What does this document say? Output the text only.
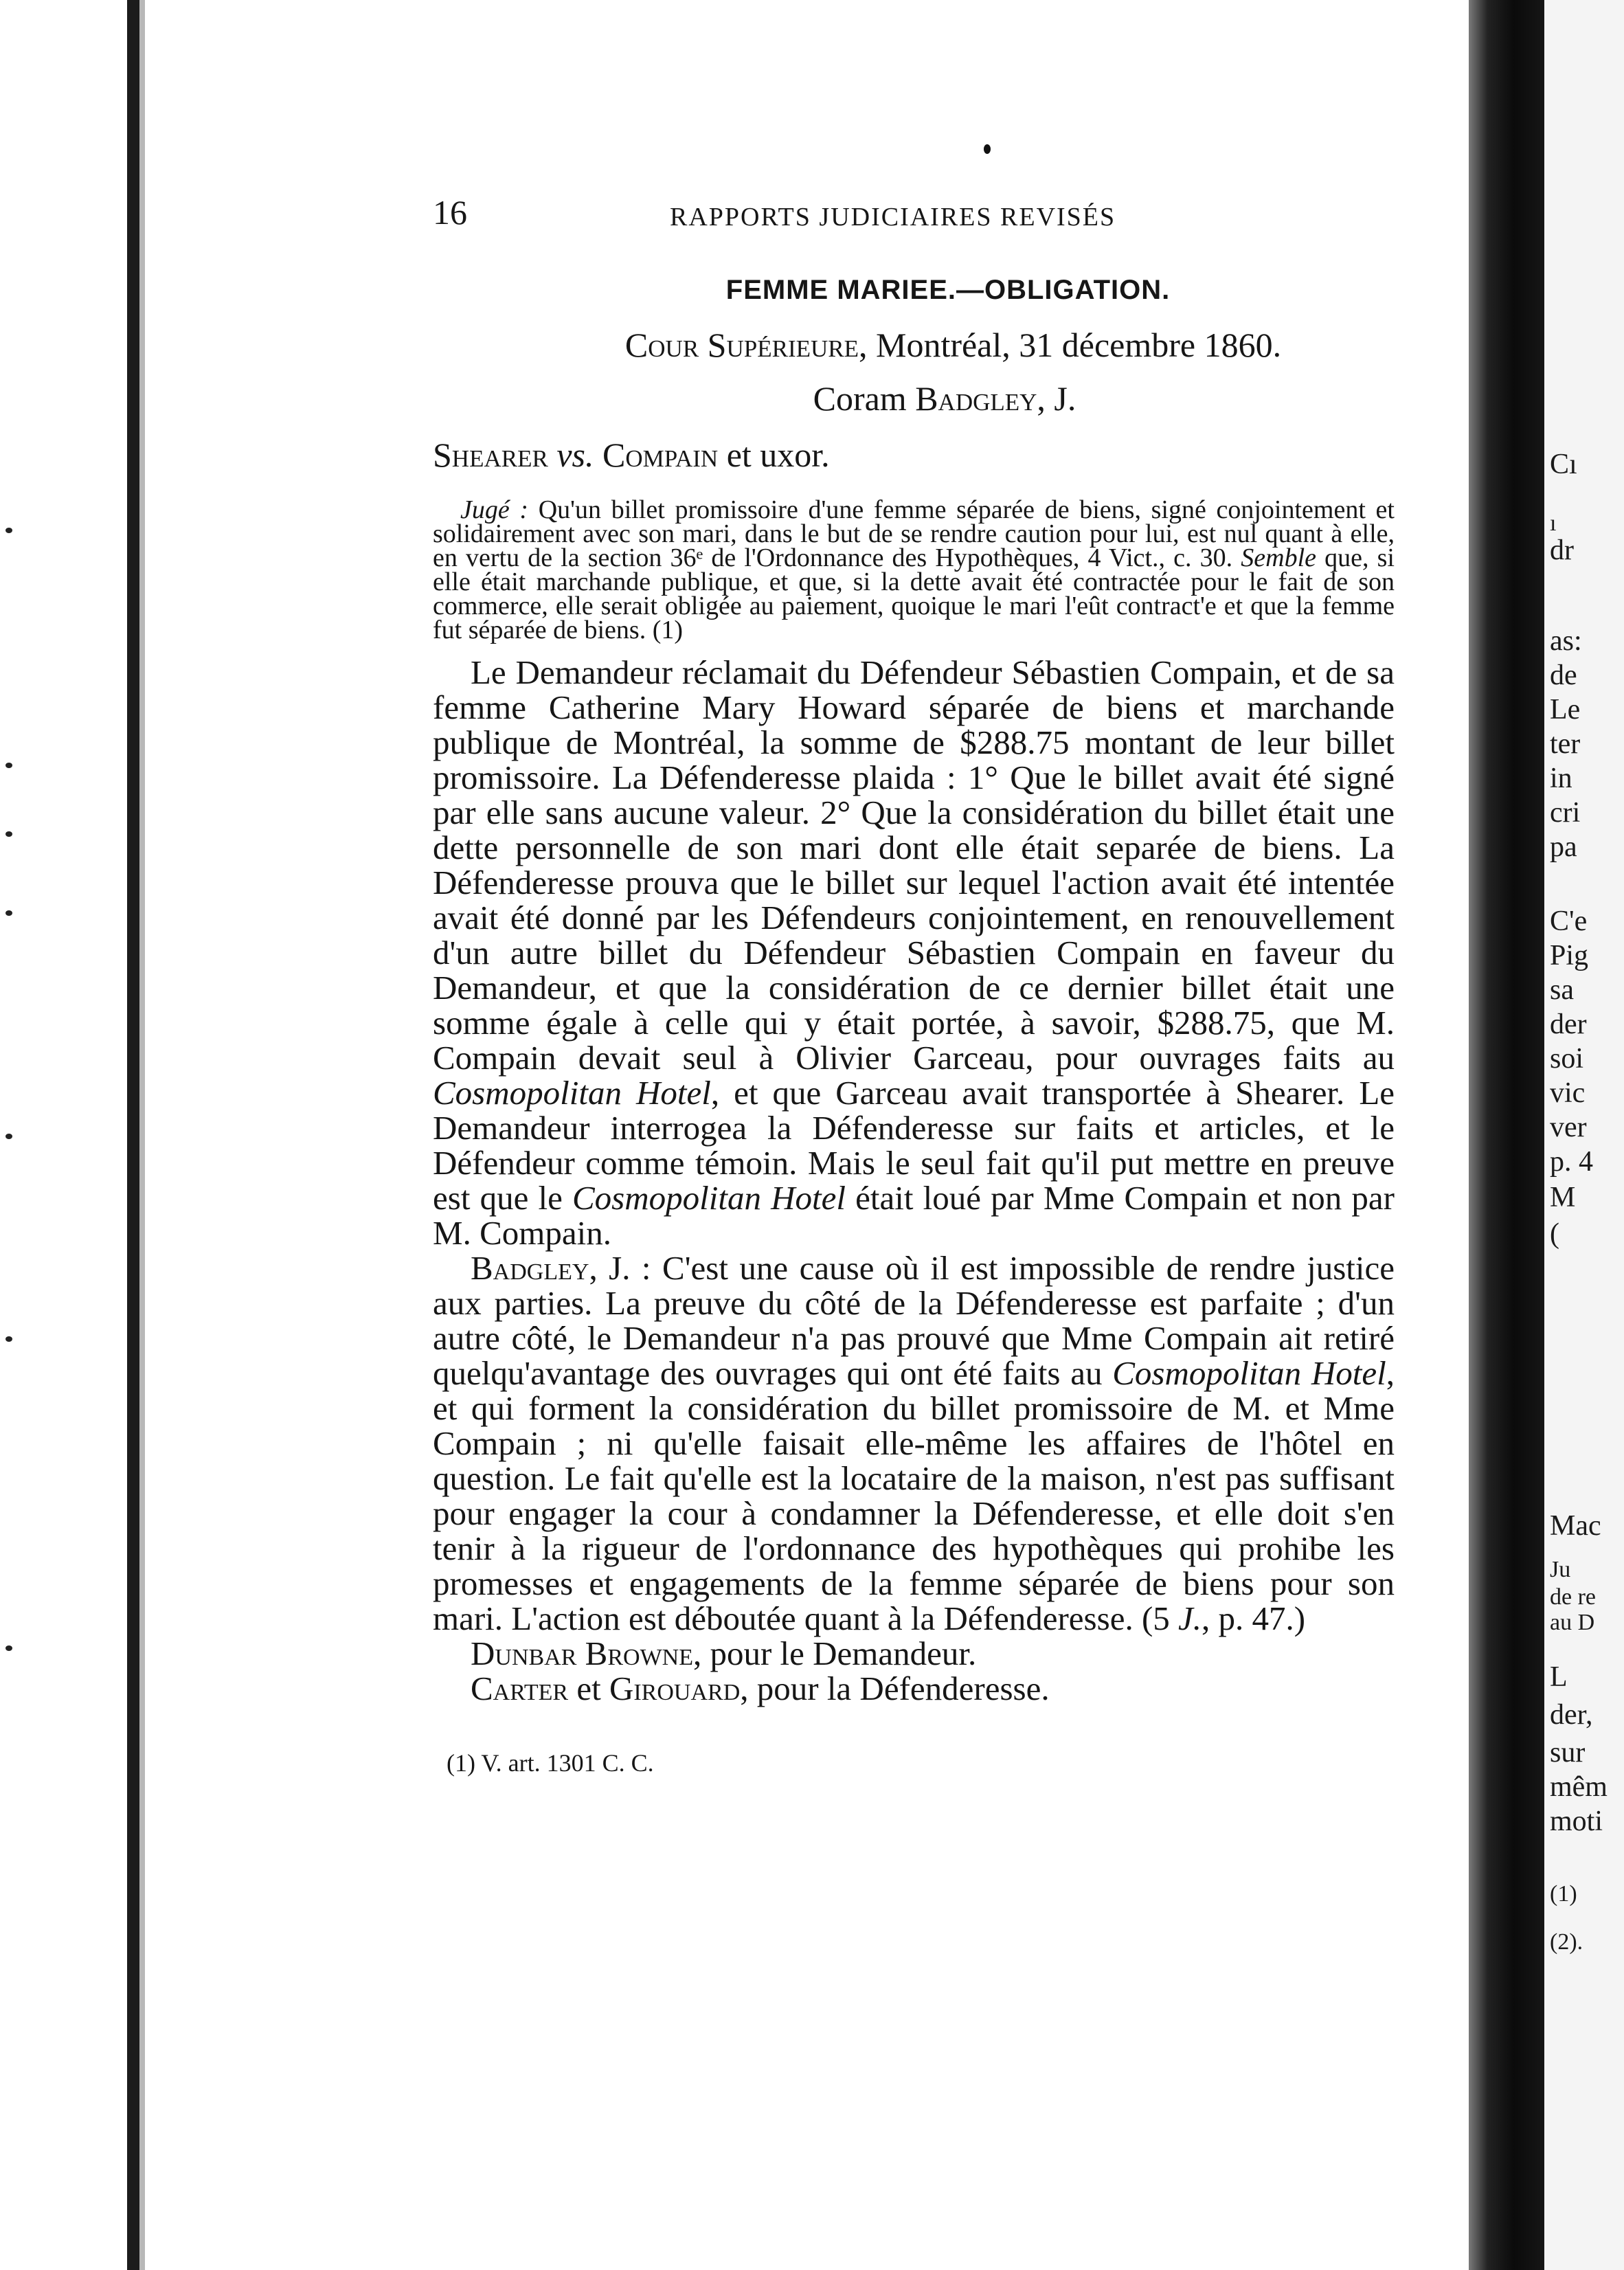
Cı
ı
dr
as:
de
Le
ter
in
cri
pa
C'e
Pig
sa
der
soi
vic
ver
p. 4
M
(
Mac
Ju
de re
au D
L
der,
sur
mêm
moti
(1)
(2).
16	RAPPORTS JUDICIAIRES REVISÉS
FEMME MARIEE.—OBLIGATION.
Cour Supérieure, Montréal, 31 décembre 1860.
Coram Badgley, J.
Shearer vs. Compain et uxor.
Jugé : Qu'un billet promissoire d'une femme séparée de biens, signé conjointement et solidairement avec son mari, dans le but de se rendre caution pour lui, est nul quant à elle, en vertu de la section 36ᵉ de l'Ordonnance des Hypothèques, 4 Vict., c. 30. Semble que, si elle était marchande publique, et que, si la dette avait été contractée pour le fait de son commerce, elle serait obligée au paiement, quoique le mari l'eût contract'e et que la femme fut séparée de biens. (1)

Le Demandeur réclamait du Défendeur Sébastien Compain, et de sa femme Catherine Mary Howard séparée de biens et marchande publique de Montréal, la somme de $288.75 montant de leur billet promissoire. La Défenderesse plaida : 1° Que le billet avait été signé par elle sans aucune valeur. 2° Que la considération du billet était une dette personnelle de son mari dont elle était separée de biens. La Défenderesse prouva que le billet sur lequel l'action avait été intentée avait été donné par les Défendeurs conjointement, en renouvellement d'un autre billet du Défendeur Sébastien Compain en faveur du Demandeur, et que la considération de ce dernier billet était une somme égale à celle qui y était portée, à savoir, $288.75, que M. Compain devait seul à Olivier Garceau, pour ouvrages faits au Cosmopolitan Hotel, et que Garceau avait transportée à Shearer. Le Demandeur interrogea la Défenderesse sur faits et articles, et le Défendeur comme témoin. Mais le seul fait qu'il put mettre en preuve est que le Cosmopolitan Hotel était loué par Mme Compain et non par M. Compain.

Badgley, J. : C'est une cause où il est impossible de rendre justice aux parties. La preuve du côté de la Défenderesse est parfaite ; d'un autre côté, le Demandeur n'a pas prouvé que Mme Compain ait retiré quelqu'avantage des ouvrages qui ont été faits au Cosmopolitan Hotel, et qui forment la considération du billet promissoire de M. et Mme Compain ; ni qu'elle faisait elle-même les affaires de l'hôtel en question. Le fait qu'elle est la locataire de la maison, n'est pas suffisant pour engager la cour à condamner la Défenderesse, et elle doit s'en tenir à la rigueur de l'ordonnance des hypothèques qui prohibe les promesses et engagements de la femme séparée de biens pour son mari. L'action est déboutée quant à la Défenderesse. (5 J., p. 47.)

Dunbar Browne, pour le Demandeur.

Carter et Girouard, pour la Défenderesse.

(1) V. art. 1301 C. C.
